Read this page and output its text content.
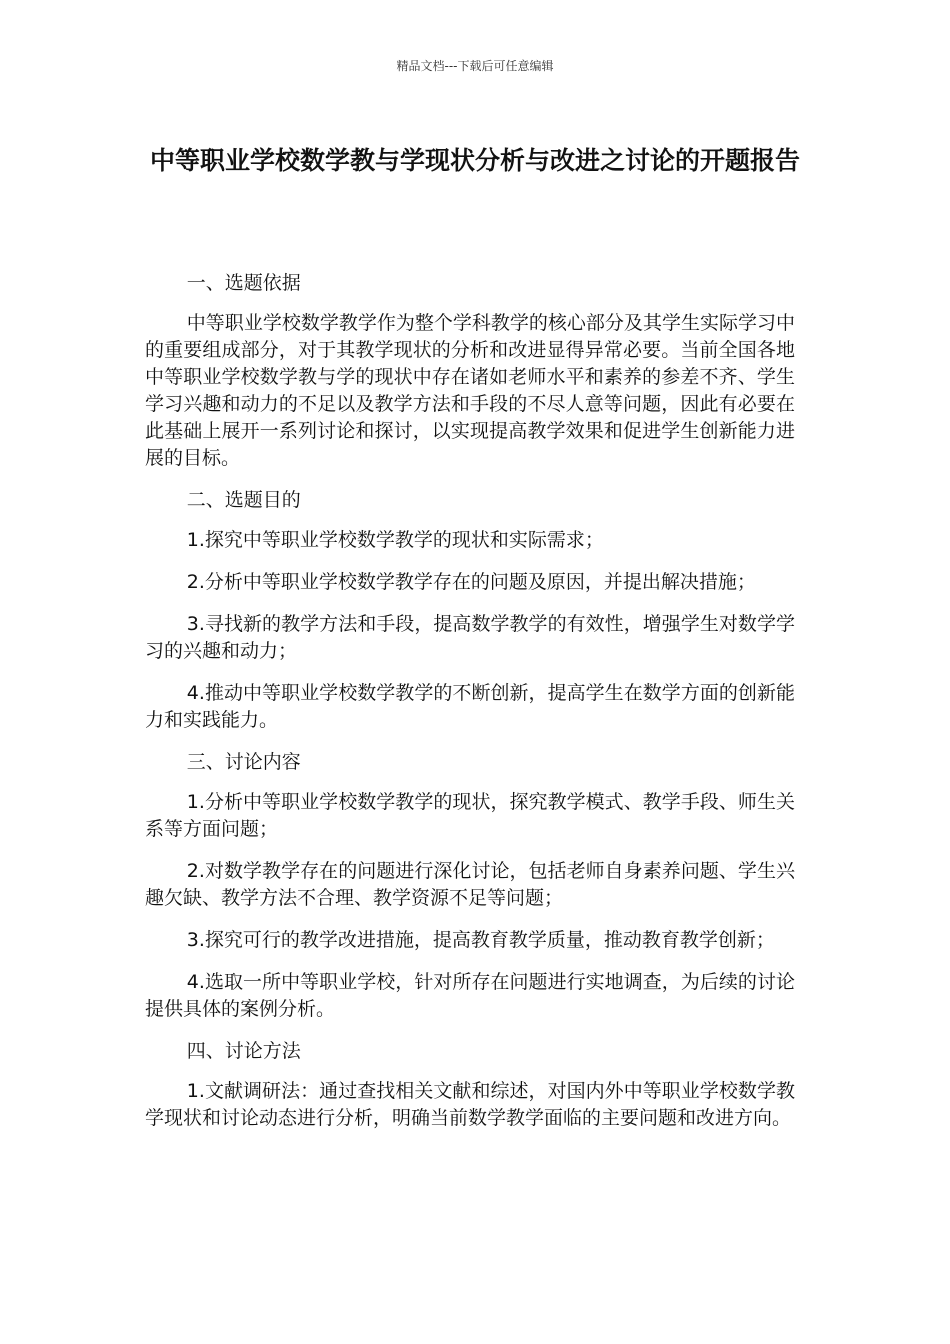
精品文档---下载后可任意编辑
中等职业学校数学教与学现状分析与改进之讨论的开题报告

一、选题依据

中等职业学校数学教学作为整个学科教学的核心部分及其学生实际学习中的重要组成部分，对于其教学现状的分析和改进显得异常必要。当前全国各地中等职业学校数学教与学的现状中存在诸如老师水平和素养的参差不齐、学生学习兴趣和动力的不足以及教学方法和手段的不尽人意等问题，因此有必要在此基础上展开一系列讨论和探讨，以实现提高教学效果和促进学生创新能力进展的目标。

二、选题目的

1.探究中等职业学校数学教学的现状和实际需求；

2.分析中等职业学校数学教学存在的问题及原因，并提出解决措施；

3.寻找新的教学方法和手段，提高数学教学的有效性，增强学生对数学学习的兴趣和动力；

4.推动中等职业学校数学教学的不断创新，提高学生在数学方面的创新能力和实践能力。

三、讨论内容

1.分析中等职业学校数学教学的现状，探究教学模式、教学手段、师生关系等方面问题；

2.对数学教学存在的问题进行深化讨论，包括老师自身素养问题、学生兴趣欠缺、教学方法不合理、教学资源不足等问题；

3.探究可行的教学改进措施，提高教育教学质量，推动教育教学创新；

4.选取一所中等职业学校，针对所存在问题进行实地调查，为后续的讨论提供具体的案例分析。

四、讨论方法

1.文献调研法：通过查找相关文献和综述，对国内外中等职业学校数学教学现状和讨论动态进行分析，明确当前数学教学面临的主要问题和改进方向。
